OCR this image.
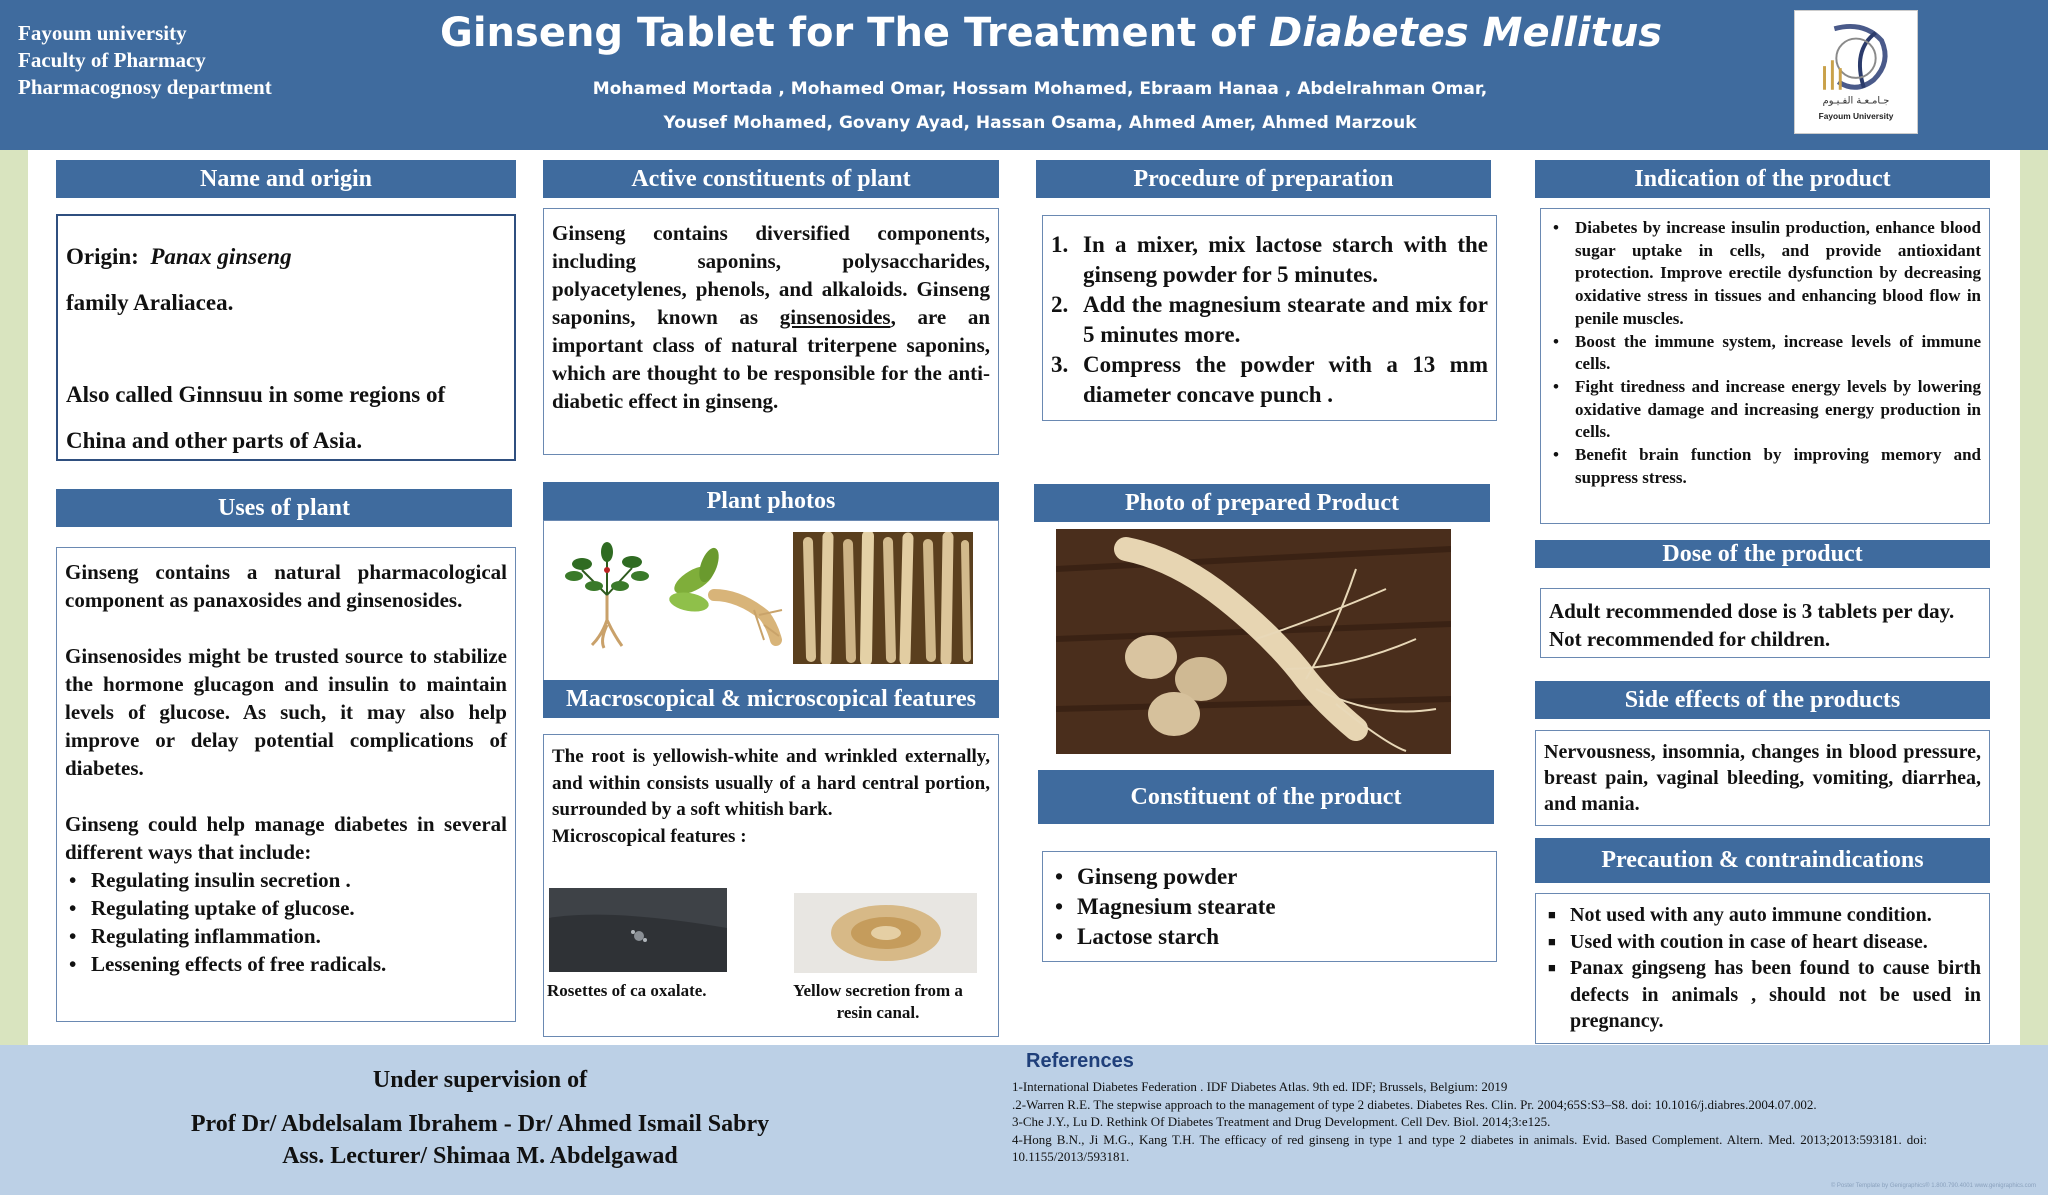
Fayoum university
Faculty of Pharmacy
Pharmacognosy department
Ginseng Tablet for The Treatment of Diabetes Mellitus
Mohamed Mortada , Mohamed Omar, Hossam Mohamed, Ebraam Hanaa , Abdelrahman Omar,
Yousef Mohamed, Govany Ayad, Hassan Osama, Ahmed Amer, Ahmed Marzouk
جـامـعـة الفـيـوم
Fayoum University
Name and origin
Origin: Panax ginseng
family Araliacea.
Also called Ginnsuu in some regions of
China and other parts of Asia.
Uses of plant

Ginseng contains a natural pharmacological component as panaxosides and ginsenosides.

Ginsenosides might be trusted source to stabilize the hormone glucagon and insulin to maintain levels of glucose. As such, it may also help improve or delay potential complications of diabetes.

Ginseng could help manage diabetes in several different ways that include:

• Regulating insulin secretion .
• Regulating uptake of glucose.
• Regulating inflammation.
• Lessening effects of free radicals.
Active constituents of plant

Ginseng contains diversified components, including saponins, polysaccharides, polyacetylenes, phenols, and alkaloids. Ginseng saponins, known as ginsenosides, are an important class of natural triterpene saponins, which are thought to be responsible for the anti-diabetic effect in ginseng.

Plant photos
Macroscopical & microscopical features

The root is yellowish-white and wrinkled externally, and within consists usually of a hard central portion, surrounded by a soft whitish bark.

Microscopical features :

Rosettes of ca oxalate.	Yellow secretion from a resin canal.
Procedure of preparation
1. In a mixer, mix lactose starch with the ginseng powder for 5 minutes.
2. Add the magnesium stearate and mix for 5 minutes more.
3. Compress the powder with a 13 mm diameter concave punch .
Photo of prepared Product
Constituent of the product
• Ginseng powder
• Magnesium stearate
• Lactose starch
Indication of the product
• Diabetes by increase insulin production, enhance blood sugar uptake in cells, and provide antioxidant protection. Improve erectile dysfunction by decreasing oxidative stress in tissues and enhancing blood flow in penile muscles.
• Boost the immune system, increase levels of immune cells.
• Fight tiredness and increase energy levels by lowering oxidative damage and increasing energy production in cells.
• Benefit brain function by improving memory and suppress stress.
Dose of the product
Adult recommended dose is 3 tablets per day.
Not recommended for children.
Side effects of the products

Nervousness, insomnia, changes in blood pressure, breast pain, vaginal bleeding, vomiting, diarrhea, and mania.

Precaution & contraindications
■ Not used with any auto immune condition.
■ Used with coution in case of heart disease.
■ Panax gingseng has been found to cause birth defects in animals , should not be used in pregnancy.
Under supervision of
Prof Dr/ Abdelsalam Ibrahem - Dr/ Ahmed Ismail Sabry
Ass. Lecturer/ Shimaa M. Abdelgawad
References

1-International Diabetes Federation . IDF Diabetes Atlas. 9th ed. IDF; Brussels, Belgium: 2019

.2-Warren R.E. The stepwise approach to the management of type 2 diabetes. Diabetes Res. Clin. Pr. 2004;65S:S3–S8. doi: 10.1016/j.diabres.2004.07.002.

3-Che J.Y., Lu D. Rethink Of Diabetes Treatment and Drug Development. Cell Dev. Biol. 2014;3:e125.

4-Hong B.N., Ji M.G., Kang T.H. The efficacy of red ginseng in type 1 and type 2 diabetes in animals. Evid. Based Complement. Altern. Med. 2013;2013:593181. doi: 10.1155/2013/593181.

© Poster Template by Genigraphics® 1.800.790.4001 www.genigraphics.com
